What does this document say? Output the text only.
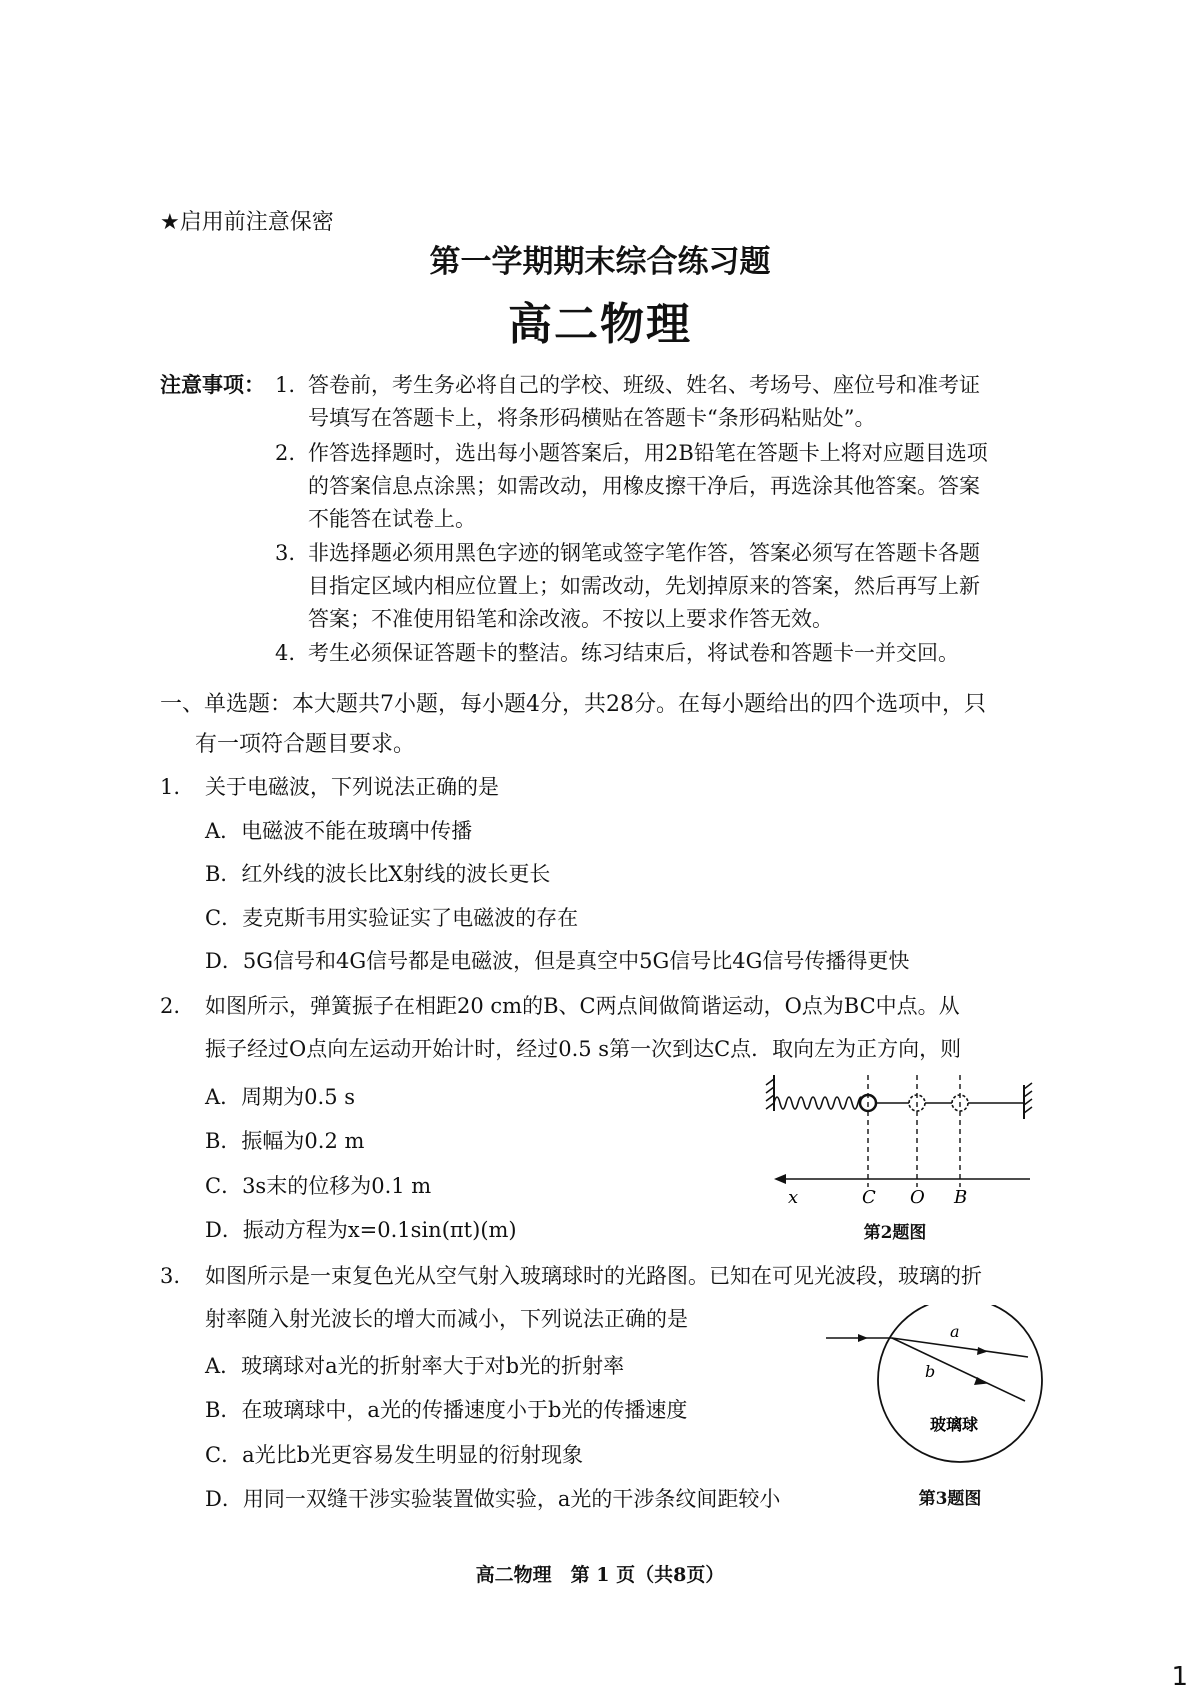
★启用前注意保密
第一学期期末综合练习题
高二物理
注意事项： 1. 答卷前，考生务必将自己的学校、班级、姓名、考场号、座位号和准考证
号填写在答题卡上，将条形码横贴在答题卡“条形码粘贴处”。
2. 作答选择题时，选出每小题答案后，用2B铅笔在答题卡上将对应题目选项
的答案信息点涂黑；如需改动，用橡皮擦干净后，再选涂其他答案。答案
不能答在试卷上。
3. 非选择题必须用黑色字迹的钢笔或签字笔作答，答案必须写在答题卡各题
目指定区域内相应位置上；如需改动，先划掉原来的答案，然后再写上新
答案；不准使用铅笔和涂改液。不按以上要求作答无效。
4. 考生必须保证答题卡的整洁。练习结束后，将试卷和答题卡一并交回。
一、单选题：本大题共7小题，每小题4分，共28分。在每小题给出的四个选项中，只
有一项符合题目要求。
1. 关于电磁波，下列说法正确的是
A．电磁波不能在玻璃中传播
B．红外线的波长比X射线的波长更长
C．麦克斯韦用实验证实了电磁波的存在
D．5G信号和4G信号都是电磁波，但是真空中5G信号比4G信号传播得更快
2. 如图所示，弹簧振子在相距20 cm的B、C两点间做简谐运动，O点为BC中点。从
振子经过O点向左运动开始计时，经过0.5 s第一次到达C点．取向左为正方向，则
A．周期为0.5 s
B．振幅为0.2 m
C．3s末的位移为0.1 m
D．振动方程为x=0.1sin(πt)(m)
x	C O B
第2题图
3. 如图所示是一束复色光从空气射入玻璃球时的光路图。已知在可见光波段，玻璃的折
射率随入射光波长的增大而减小，下列说法正确的是
A．玻璃球对a光的折射率大于对b光的折射率
B．在玻璃球中，a光的传播速度小于b光的传播速度
C．a光比b光更容易发生明显的衍射现象
D．用同一双缝干涉实验装置做实验，a光的干涉条纹间距较小
a
b
玻璃球
第3题图
高二物理　第 1 页（共8页）
1
